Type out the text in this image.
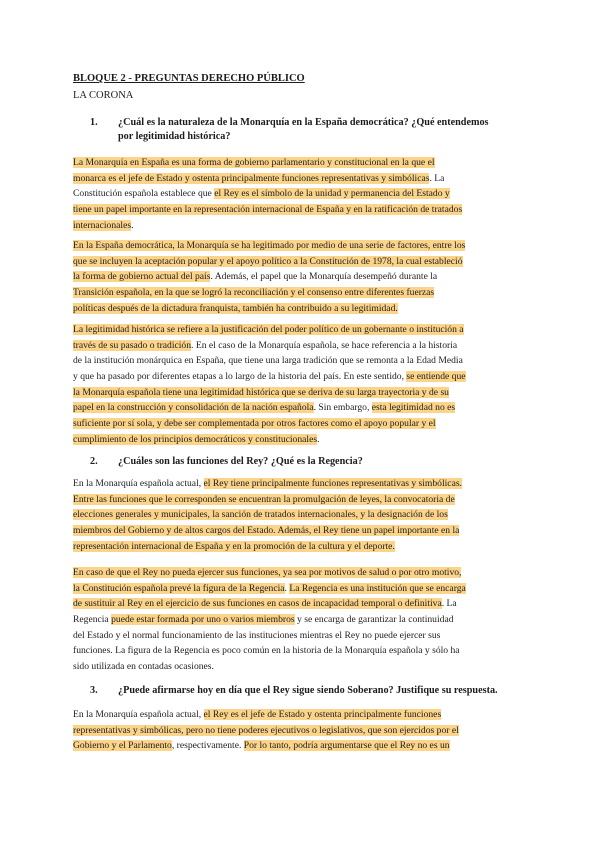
BLOQUE 2 - PREGUNTAS DERECHO PÚBLICO
LA CORONA
1. ¿Cuál es la naturaleza de la Monarquía en la España democrática? ¿Qué entendemos
por legitimidad histórica?
La Monarquía en España es una forma de gobierno parlamentario y constitucional en la que el
monarca es el jefe de Estado y ostenta principalmente funciones representativas y simbólicas. La
Constitución española establece que el Rey es el símbolo de la unidad y permanencia del Estado y
tiene un papel importante en la representación internacional de España y en la ratificación de tratados
internacionales.
En la España democrática, la Monarquía se ha legitimado por medio de una serie de factores, entre los
que se incluyen la aceptación popular y el apoyo político a la Constitución de 1978, la cual estableció
la forma de gobierno actual del país. Además, el papel que la Monarquía desempeñó durante la
Transición española, en la que se logró la reconciliación y el consenso entre diferentes fuerzas
políticas después de la dictadura franquista, también ha contribuido a su legitimidad.
La legitimidad histórica se refiere a la justificación del poder político de un gobernante o institución a
través de su pasado o tradición. En el caso de la Monarquía española, se hace referencia a la historia
de la institución monárquica en España, que tiene una larga tradición que se remonta a la Edad Media
y que ha pasado por diferentes etapas a lo largo de la historia del país. En este sentido, se entiende que
la Monarquía española tiene una legitimidad histórica que se deriva de su larga trayectoria y de su
papel en la construcción y consolidación de la nación española. Sin embargo, esta legitimidad no es
suficiente por sí sola, y debe ser complementada por otros factores como el apoyo popular y el
cumplimiento de los principios democráticos y constitucionales.
2. ¿Cuáles son las funciones del Rey? ¿Qué es la Regencia?
En la Monarquía española actual, el Rey tiene principalmente funciones representativas y simbólicas.
Entre las funciones que le corresponden se encuentran la promulgación de leyes, la convocatoria de
elecciones generales y municipales, la sanción de tratados internacionales, y la designación de los
miembros del Gobierno y de altos cargos del Estado. Además, el Rey tiene un papel importante en la
representación internacional de España y en la promoción de la cultura y el deporte.
En caso de que el Rey no pueda ejercer sus funciones, ya sea por motivos de salud o por otro motivo,
la Constitución española prevé la figura de la Regencia. La Regencia es una institución que se encarga
de sustituir al Rey en el ejercicio de sus funciones en casos de incapacidad temporal o definitiva. La
Regencia puede estar formada por uno o varios miembros y se encarga de garantizar la continuidad
del Estado y el normal funcionamiento de las instituciones mientras el Rey no puede ejercer sus
funciones. La figura de la Regencia es poco común en la historia de la Monarquía española y sólo ha
sido utilizada en contadas ocasiones.
3. ¿Puede afirmarse hoy en día que el Rey sigue siendo Soberano? Justifique su respuesta.
En la Monarquía española actual, el Rey es el jefe de Estado y ostenta principalmente funciones
representativas y simbólicas, pero no tiene poderes ejecutivos o legislativos, que son ejercidos por el
Gobierno y el Parlamento, respectivamente. Por lo tanto, podría argumentarse que el Rey no es un
